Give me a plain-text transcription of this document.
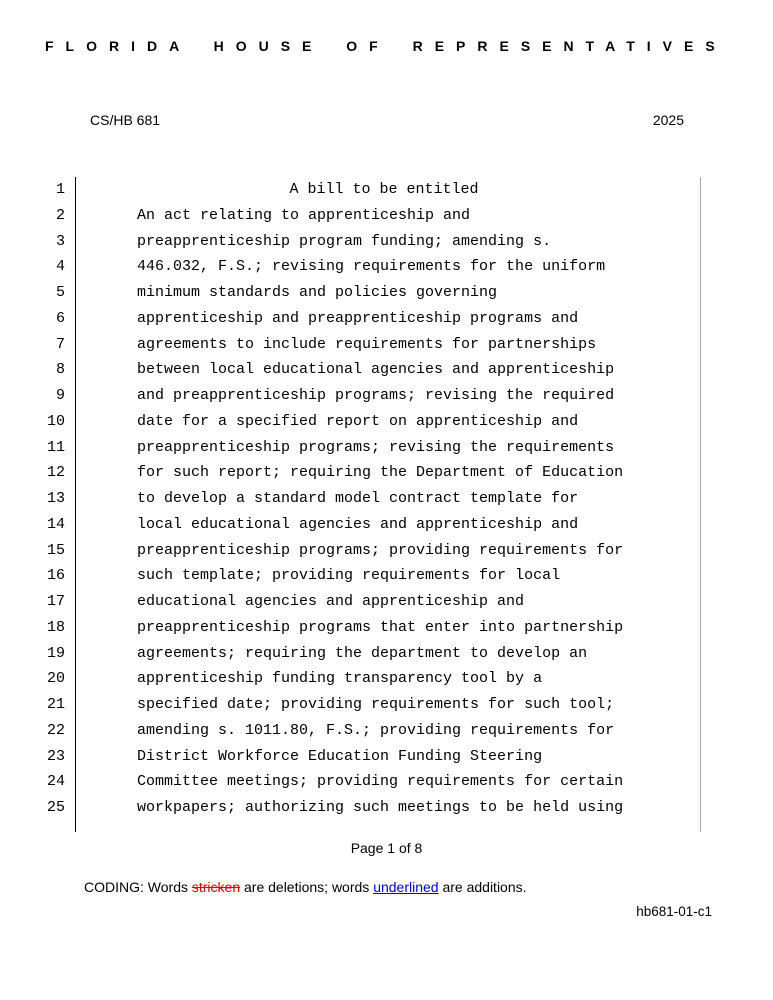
FLORIDA HOUSE OF REPRESENTATIVES
CS/HB 681	2025
1	A bill to be entitled
2	An act relating to apprenticeship and
3	preapprenticeship program funding; amending s.
4	446.032, F.S.; revising requirements for the uniform
5	minimum standards and policies governing
6	apprenticeship and preapprenticeship programs and
7	agreements to include requirements for partnerships
8	between local educational agencies and apprenticeship
9	and preapprenticeship programs; revising the required
10	date for a specified report on apprenticeship and
11	preapprenticeship programs; revising the requirements
12	for such report; requiring the Department of Education
13	to develop a standard model contract template for
14	local educational agencies and apprenticeship and
15	preapprenticeship programs; providing requirements for
16	such template; providing requirements for local
17	educational agencies and apprenticeship and
18	preapprenticeship programs that enter into partnership
19	agreements; requiring the department to develop an
20	apprenticeship funding transparency tool by a
21	specified date; providing requirements for such tool;
22	amending s. 1011.80, F.S.; providing requirements for
23	District Workforce Education Funding Steering
24	Committee meetings; providing requirements for certain
25	workpapers; authorizing such meetings to be held using
Page 1 of 8
CODING: Words stricken are deletions; words underlined are additions.
hb681-01-c1
